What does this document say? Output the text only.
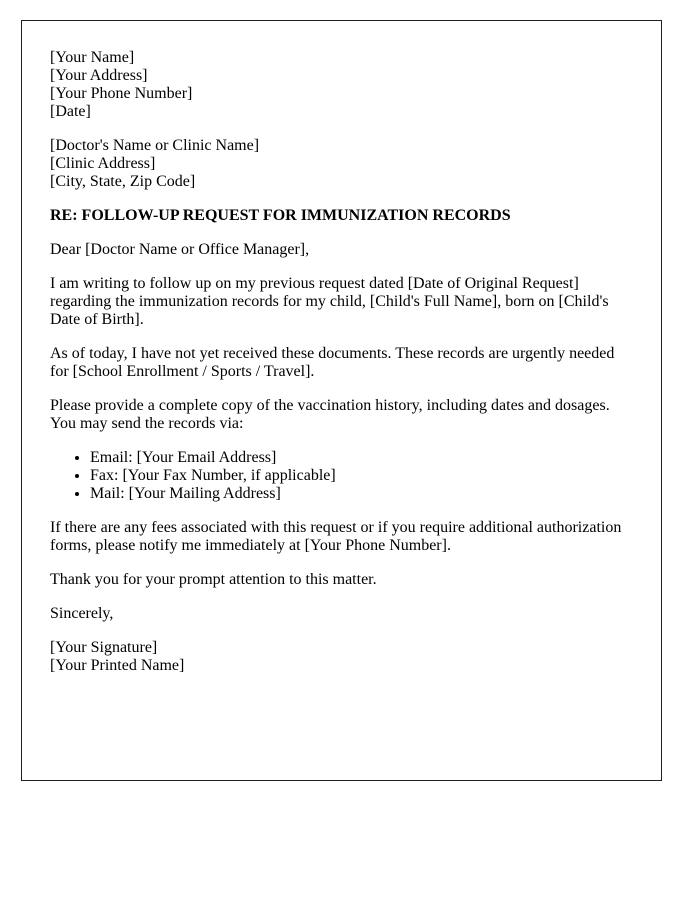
[Your Name]
[Your Address]
[Your Phone Number]
[Date]
[Doctor's Name or Clinic Name]
[Clinic Address]
[City, State, Zip Code]
RE: FOLLOW-UP REQUEST FOR IMMUNIZATION RECORDS
Dear [Doctor Name or Office Manager],
I am writing to follow up on my previous request dated [Date of Original Request] regarding the immunization records for my child, [Child's Full Name], born on [Child's Date of Birth].
As of today, I have not yet received these documents. These records are urgently needed for [School Enrollment / Sports / Travel].
Please provide a complete copy of the vaccination history, including dates and dosages. You may send the records via:
• Email: [Your Email Address]
• Fax: [Your Fax Number, if applicable]
• Mail: [Your Mailing Address]
If there are any fees associated with this request or if you require additional authorization forms, please notify me immediately at [Your Phone Number].
Thank you for your prompt attention to this matter.
Sincerely,
[Your Signature]
[Your Printed Name]
